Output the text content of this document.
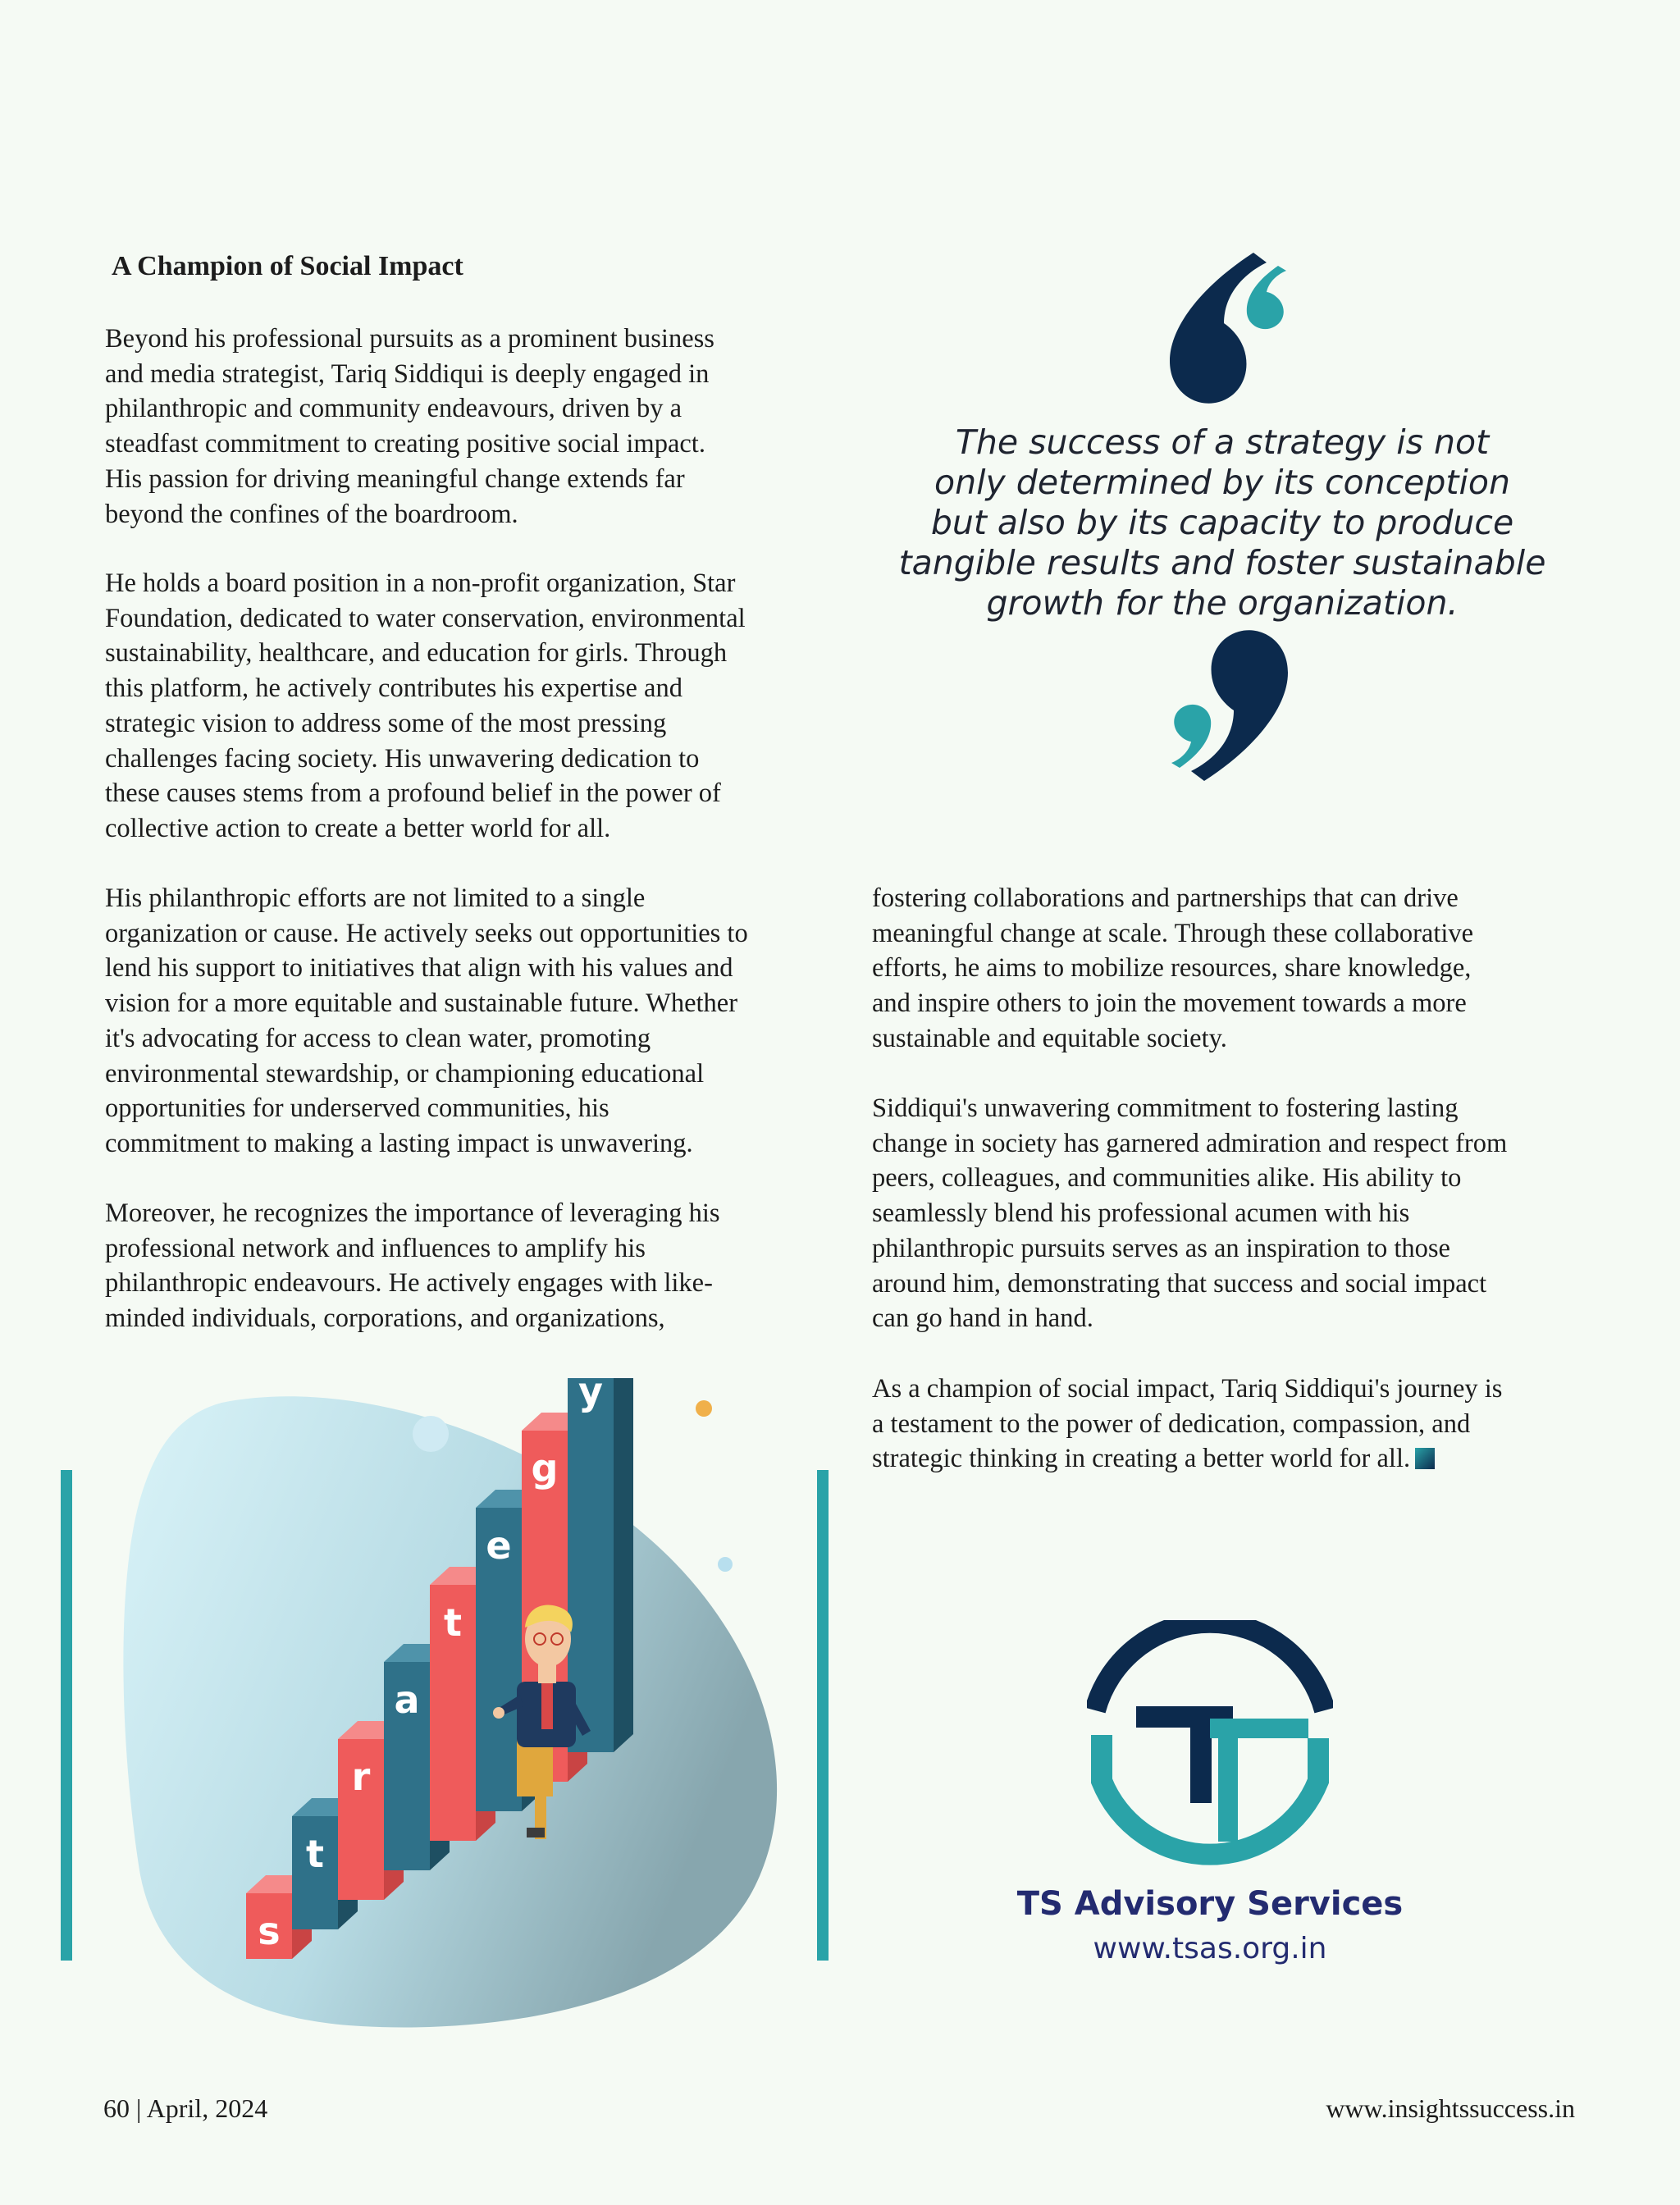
A Champion of Social Impact

Beyond his professional pursuits as a prominent business
and media strategist, Tariq Siddiqui is deeply engaged in
philanthropic and community endeavours, driven by a
steadfast commitment to creating positive social impact.
His passion for driving meaningful change extends far
beyond the confines of the boardroom.

He holds a board position in a non-profit organization, Star
Foundation, dedicated to water conservation, environmental
sustainability, healthcare, and education for girls. Through
this platform, he actively contributes his expertise and
strategic vision to address some of the most pressing
challenges facing society. His unwavering dedication to
these causes stems from a profound belief in the power of
collective action to create a better world for all.

His philanthropic efforts are not limited to a single
organization or cause. He actively seeks out opportunities to
lend his support to initiatives that align with his values and
vision for a more equitable and sustainable future. Whether
it's advocating for access to clean water, promoting
environmental stewardship, or championing educational
opportunities for underserved communities, his
commitment to making a lasting impact is unwavering.

Moreover, he recognizes the importance of leveraging his
professional network and influences to amplify his
philanthropic endeavours. He actively engages with like-
minded individuals, corporations, and organizations,

fostering collaborations and partnerships that can drive
meaningful change at scale. Through these collaborative
efforts, he aims to mobilize resources, share knowledge,
and inspire others to join the movement towards a more
sustainable and equitable society.

Siddiqui's unwavering commitment to fostering lasting
change in society has garnered admiration and respect from
peers, colleagues, and communities alike. His ability to
seamlessly blend his professional acumen with his
philanthropic pursuits serves as an inspiration to those
around him, demonstrating that success and social impact
can go hand in hand.

As a champion of social impact, Tariq Siddiqui's journey is
a testament to the power of dedication, compassion, and
strategic thinking in creating a better world for all.

The success of a strategy is not
only determined by its conception
but also by its capacity to produce
tangible results and foster sustainable
growth for the organization.

s
t
r
a
t
e
g
y
TS Advisory Services
www.tsas.org.in
60 | April, 2024	www.insightssuccess.in
